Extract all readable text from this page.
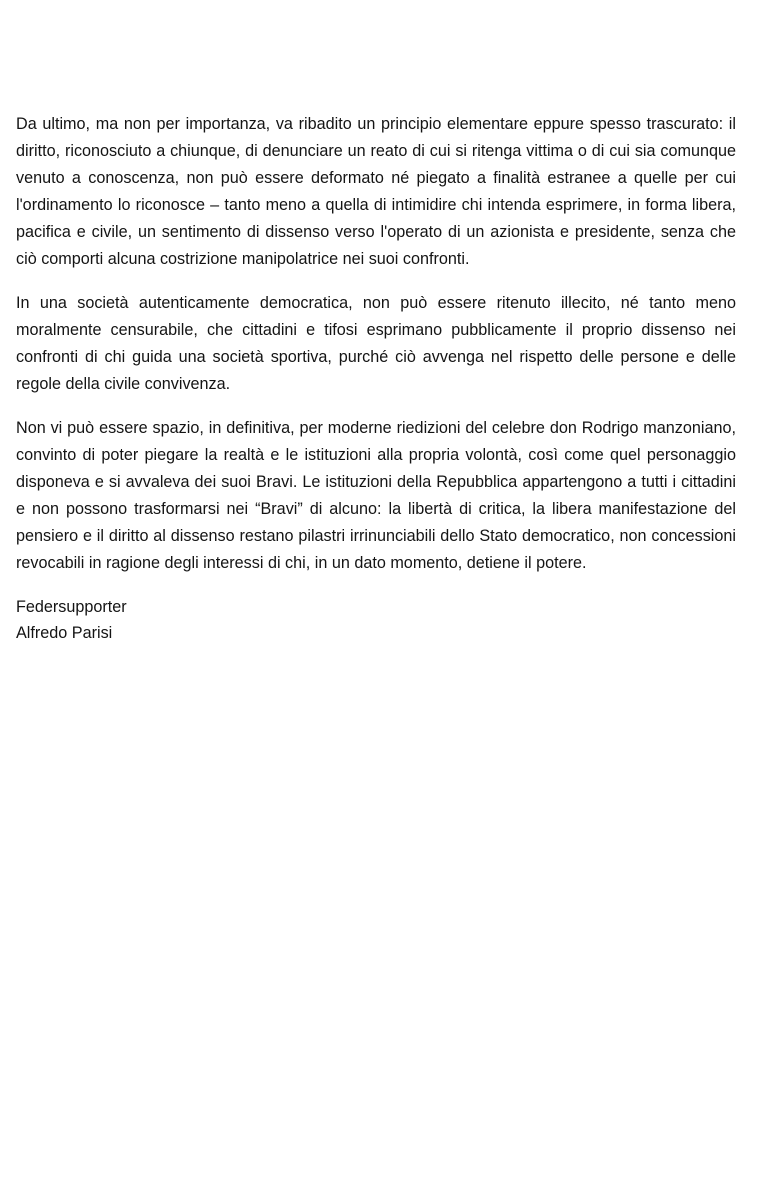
Da ultimo, ma non per importanza, va ribadito un principio elementare eppure spesso trascurato: il diritto, riconosciuto a chiunque, di denunciare un reato di cui si ritenga vittima o di cui sia comunque venuto a conoscenza, non può essere deformato né piegato a finalità estranee a quelle per cui l'ordinamento lo riconosce – tanto meno a quella di intimidire chi intenda esprimere, in forma libera, pacifica e civile, un sentimento di dissenso verso l'operato di un azionista e presidente, senza che ciò comporti alcuna costrizione manipolatrice nei suoi confronti.

In una società autenticamente democratica, non può essere ritenuto illecito, né tanto meno moralmente censurabile, che cittadini e tifosi esprimano pubblicamente il proprio dissenso nei confronti di chi guida una società sportiva, purché ciò avvenga nel rispetto delle persone e delle regole della civile convivenza.

Non vi può essere spazio, in definitiva, per moderne riedizioni del celebre don Rodrigo manzoniano, convinto di poter piegare la realtà e le istituzioni alla propria volontà, così come quel personaggio disponeva e si avvaleva dei suoi Bravi. Le istituzioni della Repubblica appartengono a tutti i cittadini e non possono trasformarsi nei “Bravi” di alcuno: la libertà di critica, la libera manifestazione del pensiero e il diritto al dissenso restano pilastri irrinunciabili dello Stato democratico, non concessioni revocabili in ragione degli interessi di chi, in un dato momento, detiene il potere.

Federsupporter
Alfredo Parisi
